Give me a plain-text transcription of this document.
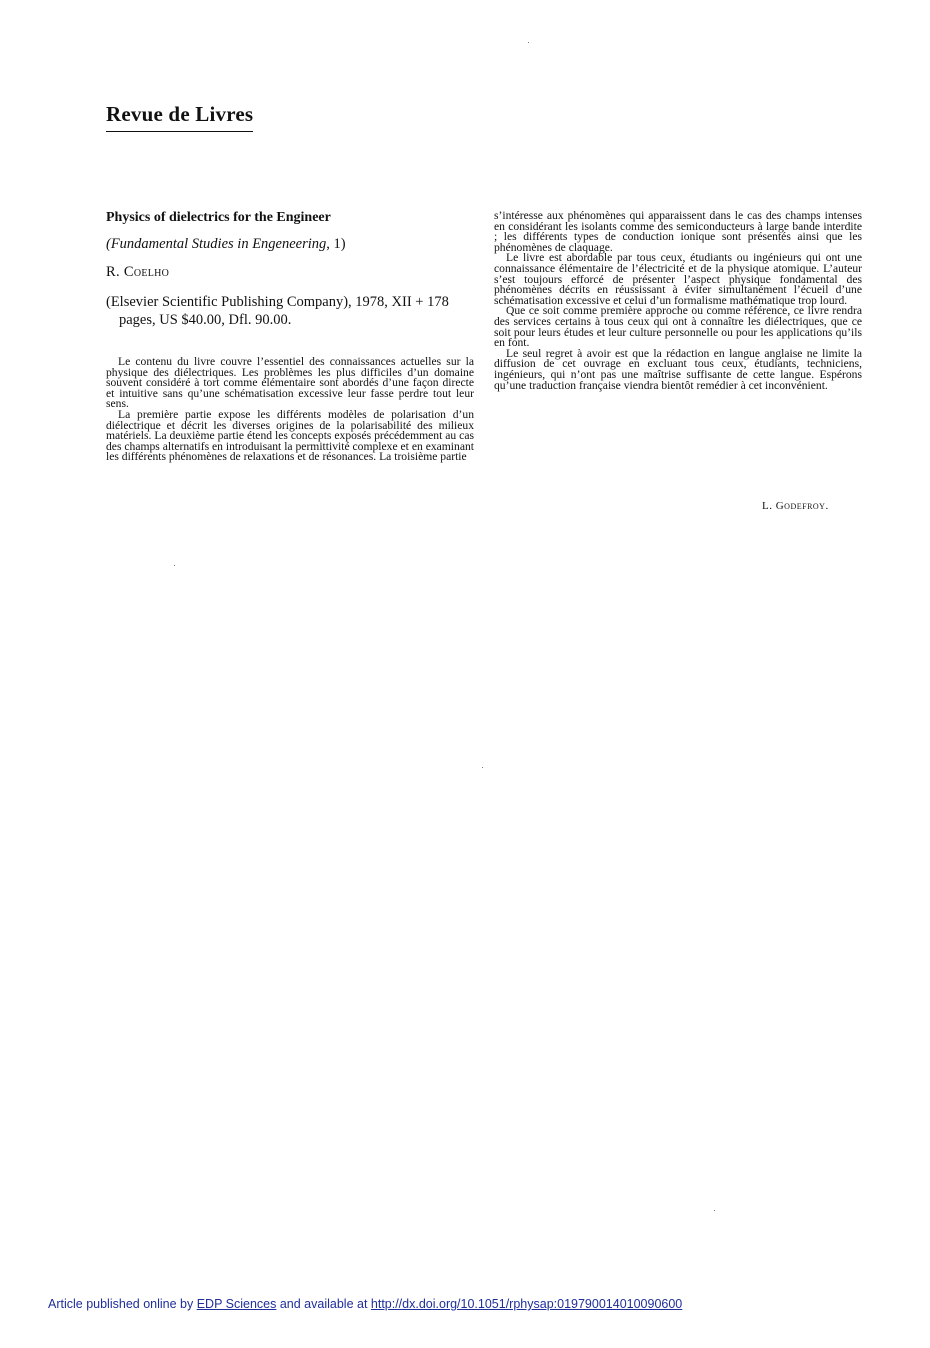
Revue de Livres
Physics of dielectrics for the Engineer
(Fundamental Studies in Engeneering, 1)
R. Coelho
(Elsevier Scientific Publishing Company), 1978, XII + 178 pages, US $40.00, Dfl. 90.00.

Le contenu du livre couvre l’essentiel des connaissances actuelles sur la physique des diélectriques. Les problèmes les plus difficiles d’un domaine souvent considéré à tort comme élémentaire sont abordés d’une façon directe et intuitive sans qu’une schématisation excessive leur fasse perdre tout leur sens.

La première partie expose les différents modèles de polarisation d’un diélectrique et décrit les diverses origines de la polarisabilité des milieux matériels. La deuxième partie étend les concepts exposés précédemment au cas des champs alternatifs en introduisant la permittivité complexe et en examinant les différents phénomènes de relaxations et de résonances. La troisième partie

s’intéresse aux phénomènes qui apparaissent dans le cas des champs intenses en considérant les isolants comme des semiconducteurs à large bande interdite ; les différents types de conduction ionique sont présentés ainsi que les phénomènes de claquage.

Le livre est abordable par tous ceux, étudiants ou ingénieurs qui ont une connaissance élémentaire de l’électricité et de la physique atomique. L’auteur s’est toujours efforcé de présenter l’aspect physique fondamental des phénomènes décrits en réussissant à éviter simultanément l’écueil d’une schématisation excessive et celui d’un formalisme mathématique trop lourd.

Que ce soit comme première approche ou comme référence, ce livre rendra des services certains à tous ceux qui ont à connaître les diélectriques, que ce soit pour leurs études et leur culture personnelle ou pour les applications qu’ils en font.

Le seul regret à avoir est que la rédaction en langue anglaise ne limite la diffusion de cet ouvrage en excluant tous ceux, étudiants, techniciens, ingénieurs, qui n’ont pas une maîtrise suffisante de cette langue. Espérons qu’une traduction française viendra bientôt remédier à cet inconvénient.

L. Godefroy.
Article published online by EDP Sciences and available at http://dx.doi.org/10.1051/rphysap:019790014010090600
